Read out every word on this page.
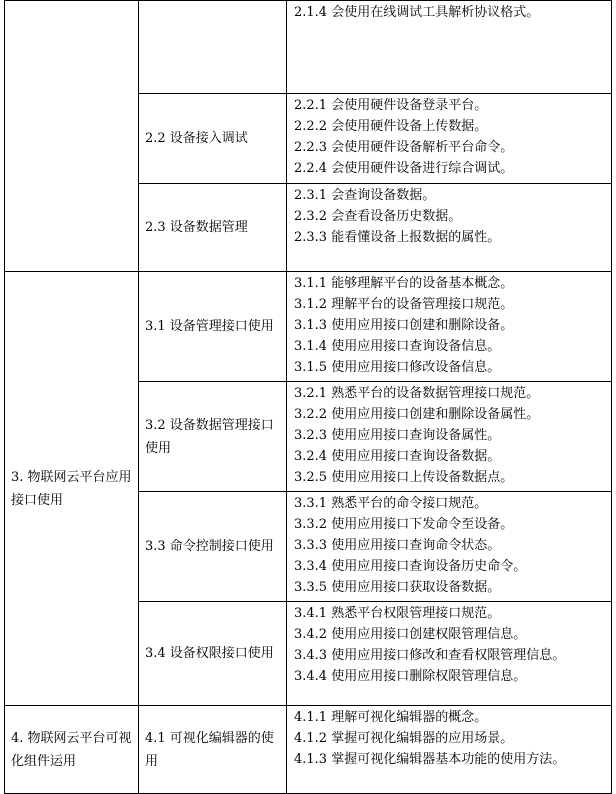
		2.1.4 会使用在线调试工具解析协议格式。

	2.2 设备接入调试	2.2.1 会使用硬件设备登录平台。
2.2.2 会使用硬件设备上传数据。
2.2.3 会使用硬件设备解析平台命令。
2.2.4 会使用硬件设备进行综合调试。

	2.3 设备数据管理	2.3.1 会查询设备数据。
2.3.2 会查看设备历史数据。
2.3.3 能看懂设备上报数据的属性。

3. 物联网云平台应用接口使用	3.1 设备管理接口使用	3.1.1 能够理解平台的设备基本概念。
3.1.2 理解平台的设备管理接口规范。
3.1.3 使用应用接口创建和删除设备。
3.1.4 使用应用接口查询设备信息。
3.1.5 使用应用接口修改设备信息。

	3.2 设备数据管理接口使用	3.2.1 熟悉平台的设备数据管理接口规范。
3.2.2 使用应用接口创建和删除设备属性。
3.2.3 使用应用接口查询设备属性。
3.2.4 使用应用接口查询设备数据。
3.2.5 使用应用接口上传设备数据点。

	3.3 命令控制接口使用	3.3.1 熟悉平台的命令接口规范。
3.3.2 使用应用接口下发命令至设备。
3.3.3 使用应用接口查询命令状态。
3.3.4 使用应用接口查询设备历史命令。
3.3.5 使用应用接口获取设备数据。

	3.4 设备权限接口使用	3.4.1 熟悉平台权限管理接口规范。
3.4.2 使用应用接口创建权限管理信息。
3.4.3 使用应用接口修改和查看权限管理信息。
3.4.4 使用应用接口删除权限管理信息。

4. 物联网云平台可视化组件运用	4.1 可视化编辑器的使用	4.1.1 理解可视化编辑器的概念。
4.1.2 掌握可视化编辑器的应用场景。
4.1.3 掌握可视化编辑器基本功能的使用方法。
